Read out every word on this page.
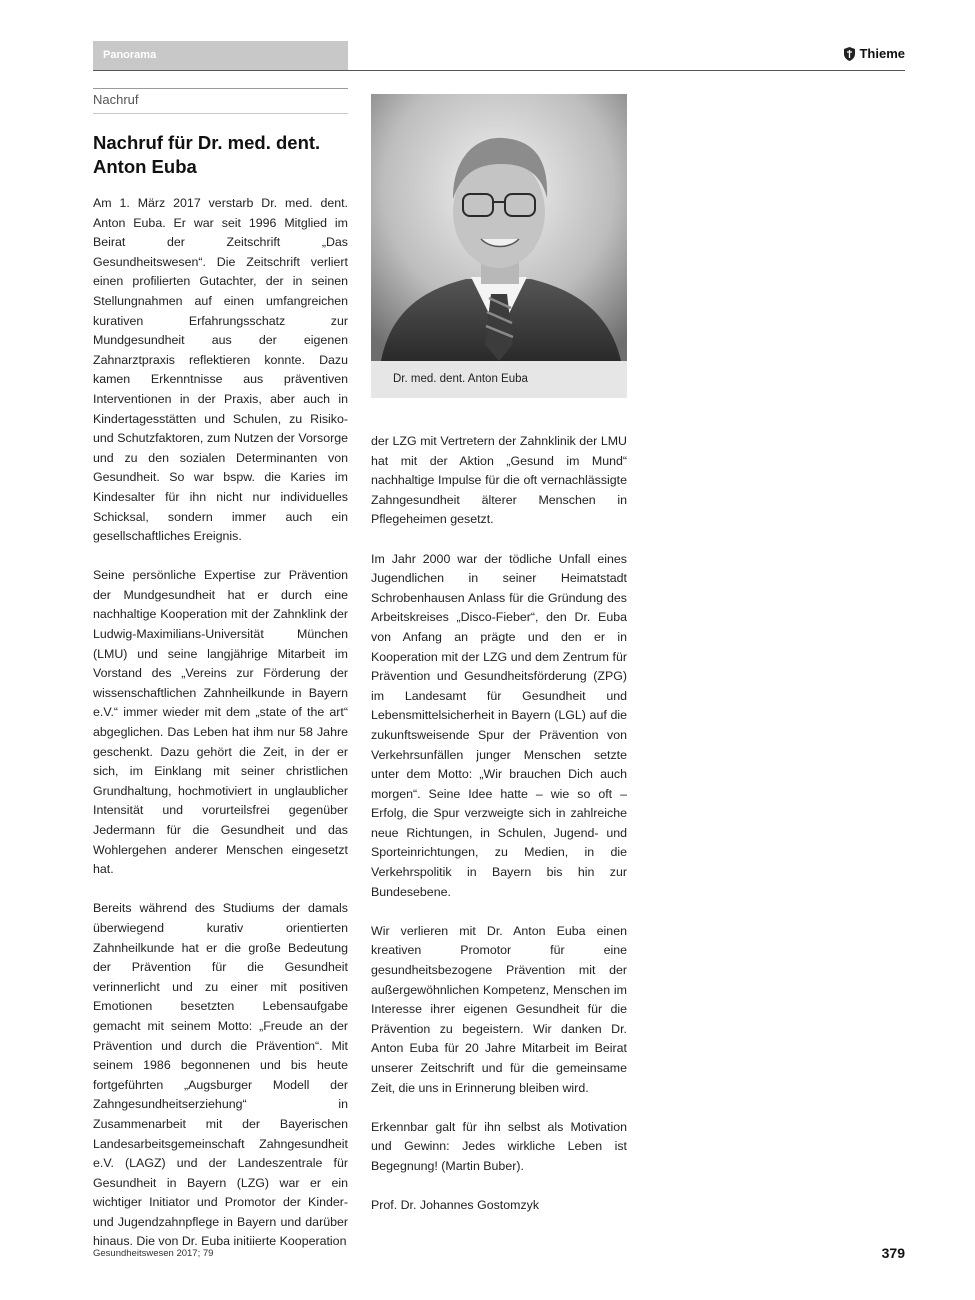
Panorama	Thieme
Nachruf
Nachruf für Dr. med. dent. Anton Euba

Am 1. März 2017 verstarb Dr. med. dent. Anton Euba. Er war seit 1996 Mitglied im Beirat der Zeitschrift „Das Gesundheitswesen“. Die Zeitschrift verliert einen profilierten Gutachter, der in seinen Stellungnahmen auf einen umfangreichen kurativen Erfahrungsschatz zur Mundgesundheit aus der eigenen Zahnarztpraxis reflektieren konnte. Dazu kamen Erkenntnisse aus präventiven Interventionen in der Praxis, aber auch in Kindertagesstätten und Schulen, zu Risiko- und Schutzfaktoren, zum Nutzen der Vorsorge und zu den sozialen Determinanten von Gesundheit. So war bspw. die Karies im Kindesalter für ihn nicht nur individuelles Schicksal, sondern immer auch ein gesellschaftliches Ereignis.

Seine persönliche Expertise zur Prävention der Mundgesundheit hat er durch eine nachhaltige Kooperation mit der Zahnklink der Ludwig-Maximilians-Universität München (LMU) und seine langjährige Mitarbeit im Vorstand des „Vereins zur Förderung der wissenschaftlichen Zahnheilkunde in Bayern e.V.“ immer wieder mit dem „state of the art“ abgeglichen. Das Leben hat ihm nur 58 Jahre geschenkt. Dazu gehört die Zeit, in der er sich, im Einklang mit seiner christlichen Grundhaltung, hochmotiviert in unglaublicher Intensität und vorurteilsfrei gegenüber Jedermann für die Gesundheit und das Wohlergehen anderer Menschen eingesetzt hat.

Bereits während des Studiums der damals überwiegend kurativ orientierten Zahnheilkunde hat er die große Bedeutung der Prävention für die Gesundheit verinnerlicht und zu einer mit positiven Emotionen besetzten Lebensaufgabe gemacht mit seinem Motto: „Freude an der Prävention und durch die Prävention“. Mit seinem 1986 begonnenen und bis heute fortgeführten „Augsburger Modell der Zahngesundheitserziehung“ in Zusammenarbeit mit der Bayerischen Landesarbeitsgemeinschaft Zahngesundheit e.V. (LAGZ) und der Landeszentrale für Gesundheit in Bayern (LZG) war er ein wichtiger Initiator und Promotor der Kinder- und Jugendzahnpflege in Bayern und darüber hinaus. Die von Dr. Euba initiierte Kooperation

Dr. med. dent. Anton Euba

der LZG mit Vertretern der Zahnklinik der LMU hat mit der Aktion „Gesund im Mund“ nachhaltige Impulse für die oft vernachlässigte Zahngesundheit älterer Menschen in Pflegeheimen gesetzt.

Im Jahr 2000 war der tödliche Unfall eines Jugendlichen in seiner Heimatstadt Schrobenhausen Anlass für die Gründung des Arbeitskreises „Disco-Fieber“, den Dr. Euba von Anfang an prägte und den er in Kooperation mit der LZG und dem Zentrum für Prävention und Gesundheitsförderung (ZPG) im Landesamt für Gesundheit und Lebensmittelsicherheit in Bayern (LGL) auf die zukunftsweisende Spur der Prävention von Verkehrsunfällen junger Menschen setzte unter dem Motto: „Wir brauchen Dich auch morgen“. Seine Idee hatte – wie so oft – Erfolg, die Spur verzweigte sich in zahlreiche neue Richtungen, in Schulen, Jugend- und Sporteinrichtungen, zu Medien, in die Verkehrspolitik in Bayern bis hin zur Bundesebene.

Wir verlieren mit Dr. Anton Euba einen kreativen Promotor für eine gesundheitsbezogene Prävention mit der außergewöhnlichen Kompetenz, Menschen im Interesse ihrer eigenen Gesundheit für die Prävention zu begeistern. Wir danken Dr. Anton Euba für 20 Jahre Mitarbeit im Beirat unserer Zeitschrift und für die gemeinsame Zeit, die uns in Erinnerung bleiben wird.

Erkennbar galt für ihn selbst als Motivation und Gewinn: Jedes wirkliche Leben ist Begegnung! (Martin Buber).

Prof. Dr. Johannes Gostomzyk

Gesundheitswesen 2017; 79	379
